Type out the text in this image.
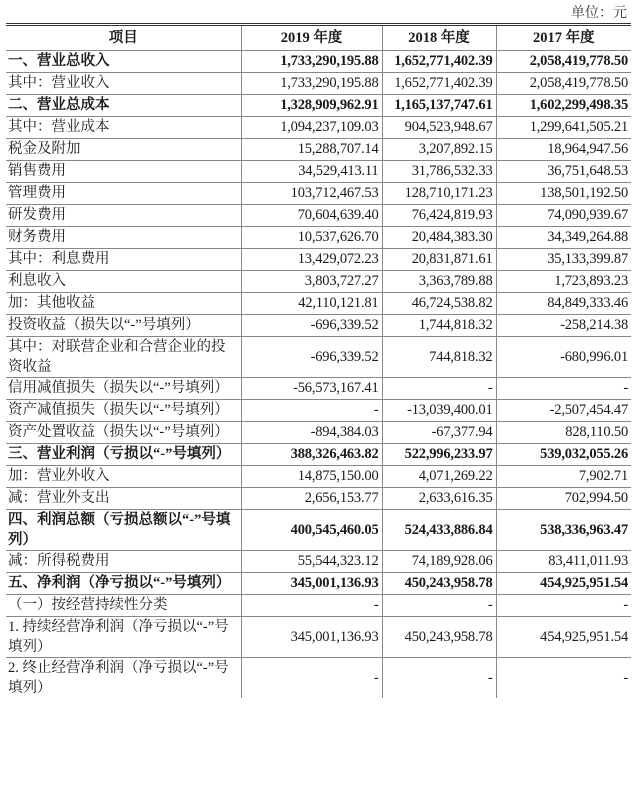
单位：元
项目	2019 年度	2018 年度	2017 年度
一、营业总收入	1,733,290,195.88	1,652,771,402.39	2,058,419,778.50
其中：营业收入	1,733,290,195.88	1,652,771,402.39	2,058,419,778.50
二、营业总成本	1,328,909,962.91	1,165,137,747.61	1,602,299,498.35
其中：营业成本	1,094,237,109.03	904,523,948.67	1,299,641,505.21
税金及附加	15,288,707.14	3,207,892.15	18,964,947.56
销售费用	34,529,413.11	31,786,532.33	36,751,648.53
管理费用	103,712,467.53	128,710,171.23	138,501,192.50
研发费用	70,604,639.40	76,424,819.93	74,090,939.67
财务费用	10,537,626.70	20,484,383.30	34,349,264.88
其中：利息费用	13,429,072.23	20,831,871.61	35,133,399.87
利息收入	3,803,727.27	3,363,789.88	1,723,893.23
加：其他收益	42,110,121.81	46,724,538.82	84,849,333.46
投资收益（损失以“-”号填列）	-696,339.52	1,744,818.32	-258,214.38
其中：对联营企业和合营企业的投资收益	-696,339.52	744,818.32	-680,996.01
信用减值损失（损失以“-”号填列）	-56,573,167.41	-	-
资产减值损失（损失以“-”号填列）	-	-13,039,400.01	-2,507,454.47
资产处置收益（损失以“-”号填列）	-894,384.03	-67,377.94	828,110.50
三、营业利润（亏损以“-”号填列）	388,326,463.82	522,996,233.97	539,032,055.26
加：营业外收入	14,875,150.00	4,071,269.22	7,902.71
减：营业外支出	2,656,153.77	2,633,616.35	702,994.50
四、利润总额（亏损总额以“-”号填列）	400,545,460.05	524,433,886.84	538,336,963.47
减：所得税费用	55,544,323.12	74,189,928.06	83,411,011.93
五、净利润（净亏损以“-”号填列）	345,001,136.93	450,243,958.78	454,925,951.54
（一）按经营持续性分类	-	-	-
1. 持续经营净利润（净亏损以“-”号填列）	345,001,136.93	450,243,958.78	454,925,951.54
2. 终止经营净利润（净亏损以“-”号填列）	-	-	-
